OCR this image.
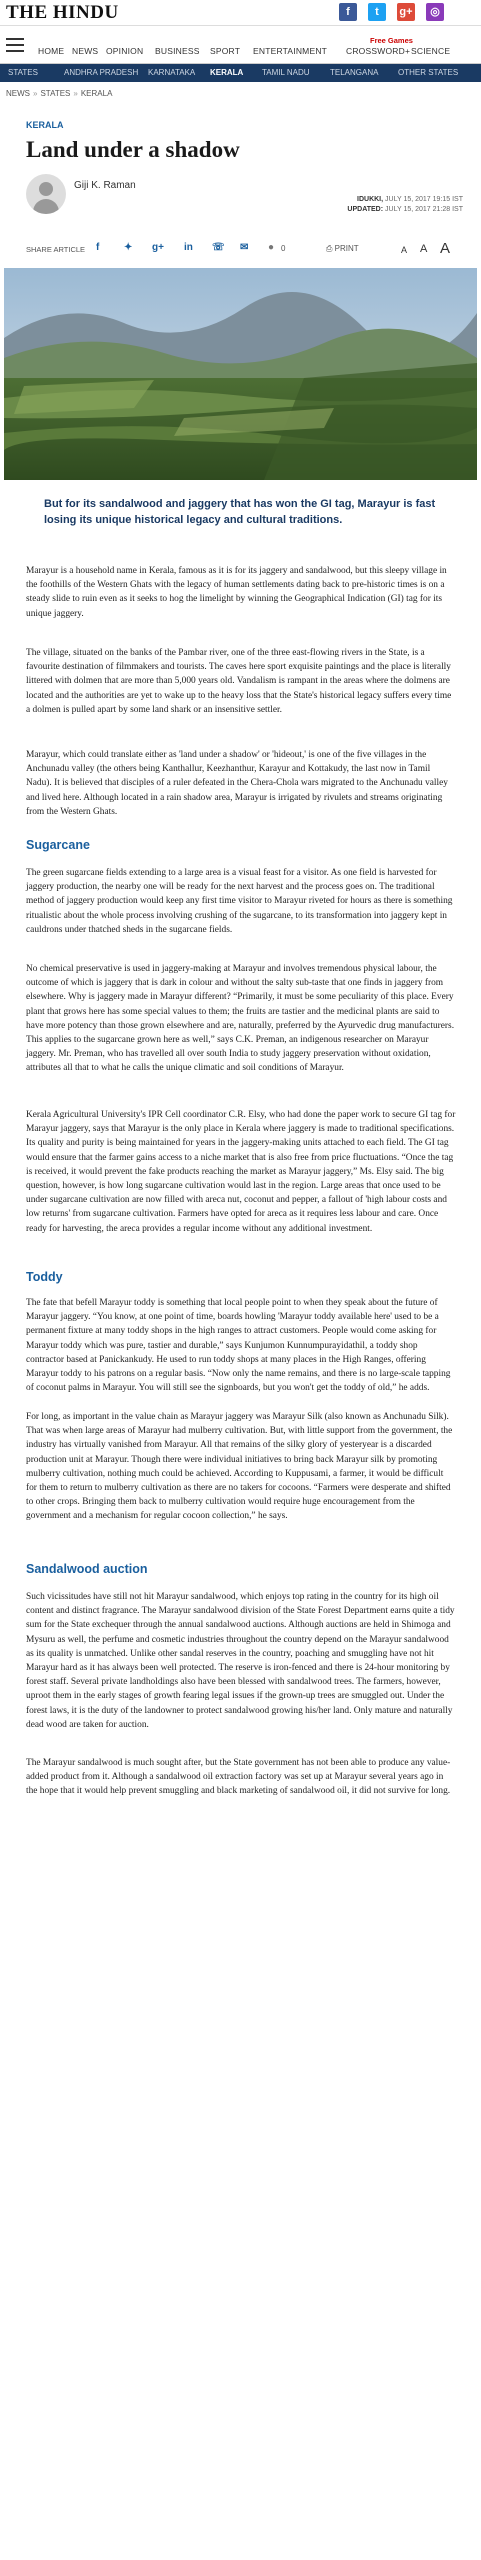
THE HINDU	f	t	g+	◎
HOME NEWS OPINION BUSINESS SPORT ENTERTAINMENT
Free Games
CROSSWORD+ SCIENCE
STATES	ANDHRA PRADESH KARNATAKA KERALA TAMIL NADU	TELANGANA OTHER STATES
NEWS » STATES » KERALA
KERALA
Land under a shadow
Giji K. Raman
IDUKKI, JULY 15, 2017 19:15 IST
UPDATED: JULY 15, 2017 21:28 IST
SHARE ARTICLE f ✦ g+ in ☏ ✉ ● 0	⎙ PRINT	A A A
But for its sandalwood and jaggery that has won the GI tag, Marayur is fast losing its unique historical legacy and cultural traditions.

Marayur is a household name in Kerala, famous as it is for its jaggery and sandalwood, but this sleepy village in the foothills of the Western Ghats with the legacy of human settlements dating back to pre-historic times is on a steady slide to ruin even as it seeks to hog the limelight by winning the Geographical Indication (GI) tag for its unique jaggery.

The village, situated on the banks of the Pambar river, one of the three east-flowing rivers in the State, is a favourite destination of filmmakers and tourists. The caves here sport exquisite paintings and the place is literally littered with dolmen that are more than 5,000 years old. Vandalism is rampant in the areas where the dolmens are located and the authorities are yet to wake up to the heavy loss that the State's historical legacy suffers every time a dolmen is pulled apart by some land shark or an insensitive settler.

Marayur, which could translate either as 'land under a shadow' or 'hideout,' is one of the five villages in the Anchunadu valley (the others being Kanthallur, Keezhanthur, Karayur and Kottakudy, the last now in Tamil Nadu). It is believed that disciples of a ruler defeated in the Chera-Chola wars migrated to the Anchunadu valley and lived here. Although located in a rain shadow area, Marayur is irrigated by rivulets and streams originating from the Western Ghats.

Sugarcane

The green sugarcane fields extending to a large area is a visual feast for a visitor. As one field is harvested for jaggery production, the nearby one will be ready for the next harvest and the process goes on. The traditional method of jaggery production would keep any first time visitor to Marayur riveted for hours as there is something ritualistic about the whole process involving crushing of the sugarcane, to its transformation into jaggery kept in cauldrons under thatched sheds in the sugarcane fields.

No chemical preservative is used in jaggery-making at Marayur and involves tremendous physical labour, the outcome of which is jaggery that is dark in colour and without the salty sub-taste that one finds in jaggery from elsewhere. Why is jaggery made in Marayur different? “Primarily, it must be some peculiarity of this place. Every plant that grows here has some special values to them; the fruits are tastier and the medicinal plants are said to have more potency than those grown elsewhere and are, naturally, preferred by the Ayurvedic drug manufacturers. This applies to the sugarcane grown here as well,” says C.K. Preman, an indigenous researcher on Marayur jaggery. Mr. Preman, who has travelled all over south India to study jaggery preservation without oxidation, attributes all that to what he calls the unique climatic and soil conditions of Marayur.

Kerala Agricultural University's IPR Cell coordinator C.R. Elsy, who had done the paper work to secure GI tag for Marayur jaggery, says that Marayur is the only place in Kerala where jaggery is made to traditional specifications. Its quality and purity is being maintained for years in the jaggery-making units attached to each field. The GI tag would ensure that the farmer gains access to a niche market that is also free from price fluctuations. “Once the tag is received, it would prevent the fake products reaching the market as Marayur jaggery,” Ms. Elsy said. The big question, however, is how long sugarcane cultivation would last in the region. Large areas that once used to be under sugarcane cultivation are now filled with areca nut, coconut and pepper, a fallout of 'high labour costs and low returns' from sugarcane cultivation. Farmers have opted for areca as it requires less labour and care. Once ready for harvesting, the areca provides a regular income without any additional investment.

Toddy

The fate that befell Marayur toddy is something that local people point to when they speak about the future of Marayur jaggery. “You know, at one point of time, boards howling 'Marayur toddy available here' used to be a permanent fixture at many toddy shops in the high ranges to attract customers. People would come asking for Marayur toddy which was pure, tastier and durable,” says Kunjumon Kunnumpurayidathil, a toddy shop contractor based at Panickankudy. He used to run toddy shops at many places in the High Ranges, offering Marayur toddy to his patrons on a regular basis. “Now only the name remains, and there is no large-scale tapping of coconut palms in Marayur. You will still see the signboards, but you won't get the toddy of old,” he adds.

For long, as important in the value chain as Marayur jaggery was Marayur Silk (also known as Anchunadu Silk). That was when large areas of Marayur had mulberry cultivation. But, with little support from the government, the industry has virtually vanished from Marayur. All that remains of the silky glory of yesteryear is a discarded production unit at Marayur. Though there were individual initiatives to bring back Marayur silk by promoting mulberry cultivation, nothing much could be achieved. According to Kuppusami, a farmer, it would be difficult for them to return to mulberry cultivation as there are no takers for cocoons. “Farmers were desperate and shifted to other crops. Bringing them back to mulberry cultivation would require huge encouragement from the government and a mechanism for regular cocoon collection,” he says.

Sandalwood auction

Such vicissitudes have still not hit Marayur sandalwood, which enjoys top rating in the country for its high oil content and distinct fragrance. The Marayur sandalwood division of the State Forest Department earns quite a tidy sum for the State exchequer through the annual sandalwood auctions. Although auctions are held in Shimoga and Mysuru as well, the perfume and cosmetic industries throughout the country depend on the Marayur sandalwood as its quality is unmatched. Unlike other sandal reserves in the country, poaching and smuggling have not hit Marayur hard as it has always been well protected. The reserve is iron-fenced and there is 24-hour monitoring by forest staff. Several private landholdings also have been blessed with sandalwood trees. The farmers, however, uproot them in the early stages of growth fearing legal issues if the grown-up trees are smuggled out. Under the forest laws, it is the duty of the landowner to protect sandalwood growing his/her land. Only mature and naturally dead wood are taken for auction.

The Marayur sandalwood is much sought after, but the State government has not been able to produce any value-added product from it. Although a sandalwood oil extraction factory was set up at Marayur several years ago in the hope that it would help prevent smuggling and black marketing of sandalwood oil, it did not survive for long.
